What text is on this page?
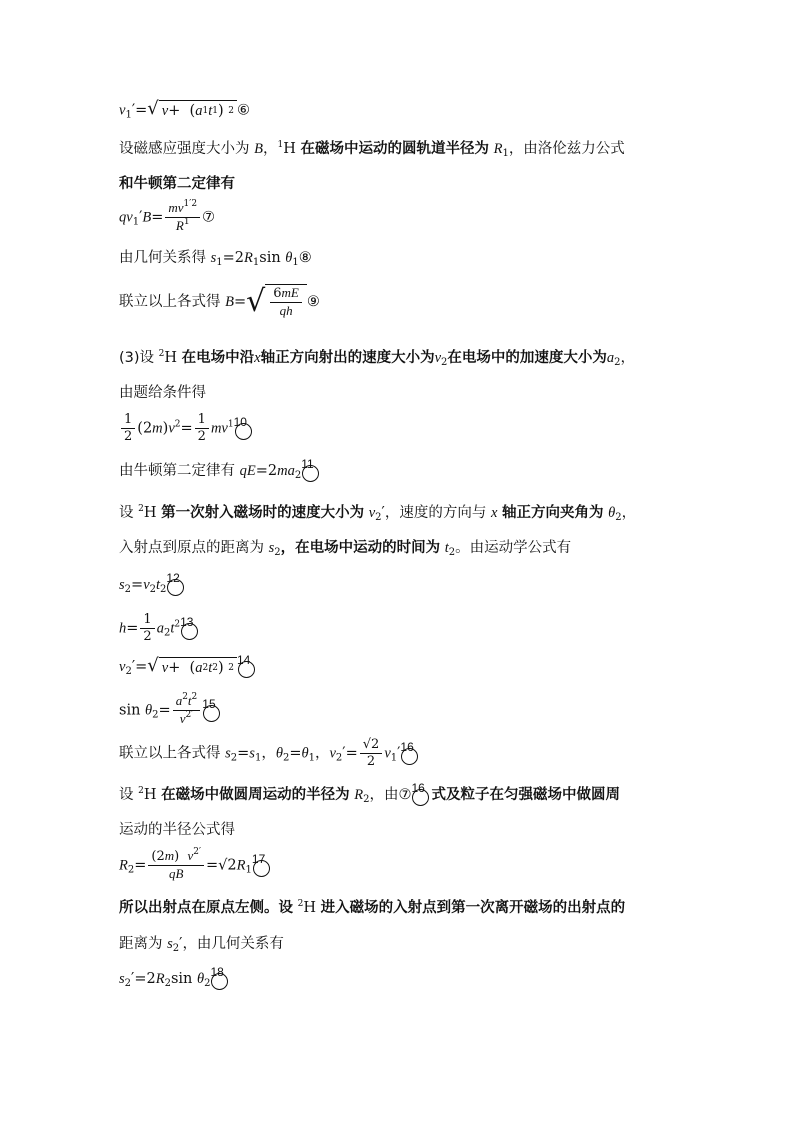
$v_1'=$ √ v +  ( a 1 t 1 ) 2 ⑥
设磁感应强度大小为 B，$^1$H 在磁场中运动的圆轨道半径为 $R_1$，由洛伦兹力公式
和牛顿第二定律有
$qv_1'B= \frac{mv^{1'2}}{R^1}$ ⑦
由几何关系得 $s_1=2R_1\sin$ $\theta_1⑧$
联立以上各式得 B= √ $\frac{6mE}{qh}$ ⑨
(3)设 $^2$H 在电场中沿x轴正方向射出的速度大小为$v_2$在电场中的加速度大小为$a_2$，
由题给条件得
$\frac{1}{2} (2m)v^2= \frac{1}{2} mv^1$ 10
由牛顿第二定律有 $qE=2ma_2$
11
设 $^2$H 第一次射入磁场时的速度大小为 $v_2'$，速度的方向与 x 轴正方向夹角为 $\theta_2$，
入射点到原点的距离为 $s_2$，在电场中运动的时间为 $t_2$。由运动学公式有
$s_2=v_2t_2$
12
$h= \frac{1}{2} a_2t^2$ 13
$v_2'=$ √ v +  ( a 2 t 2 ) 2
14
$\sin \theta_2= \frac{a^2t^2}{v^{2'}} 15$
联立以上各式得 $s_2=s_1$，$\theta_2=\theta_1$，$v_2'= \frac{√2}{2} v_1'$ 16
设 $^2$H 在磁场中做圆周运动的半径为 $R_2$，由⑦ 16 式及粒子在匀强磁场中做圆周
运动的半径公式得
$R_2= \frac{(2m) v^{2'}}{qB} =√2R_1$
17
所以出射点在原点左侧。设 $^2$H 进入磁场的入射点到第一次离开磁场的出射点的
距离为 $s_2'$，由几何关系有
$s_2'=2R_2\sin$ $\theta_2$
18
